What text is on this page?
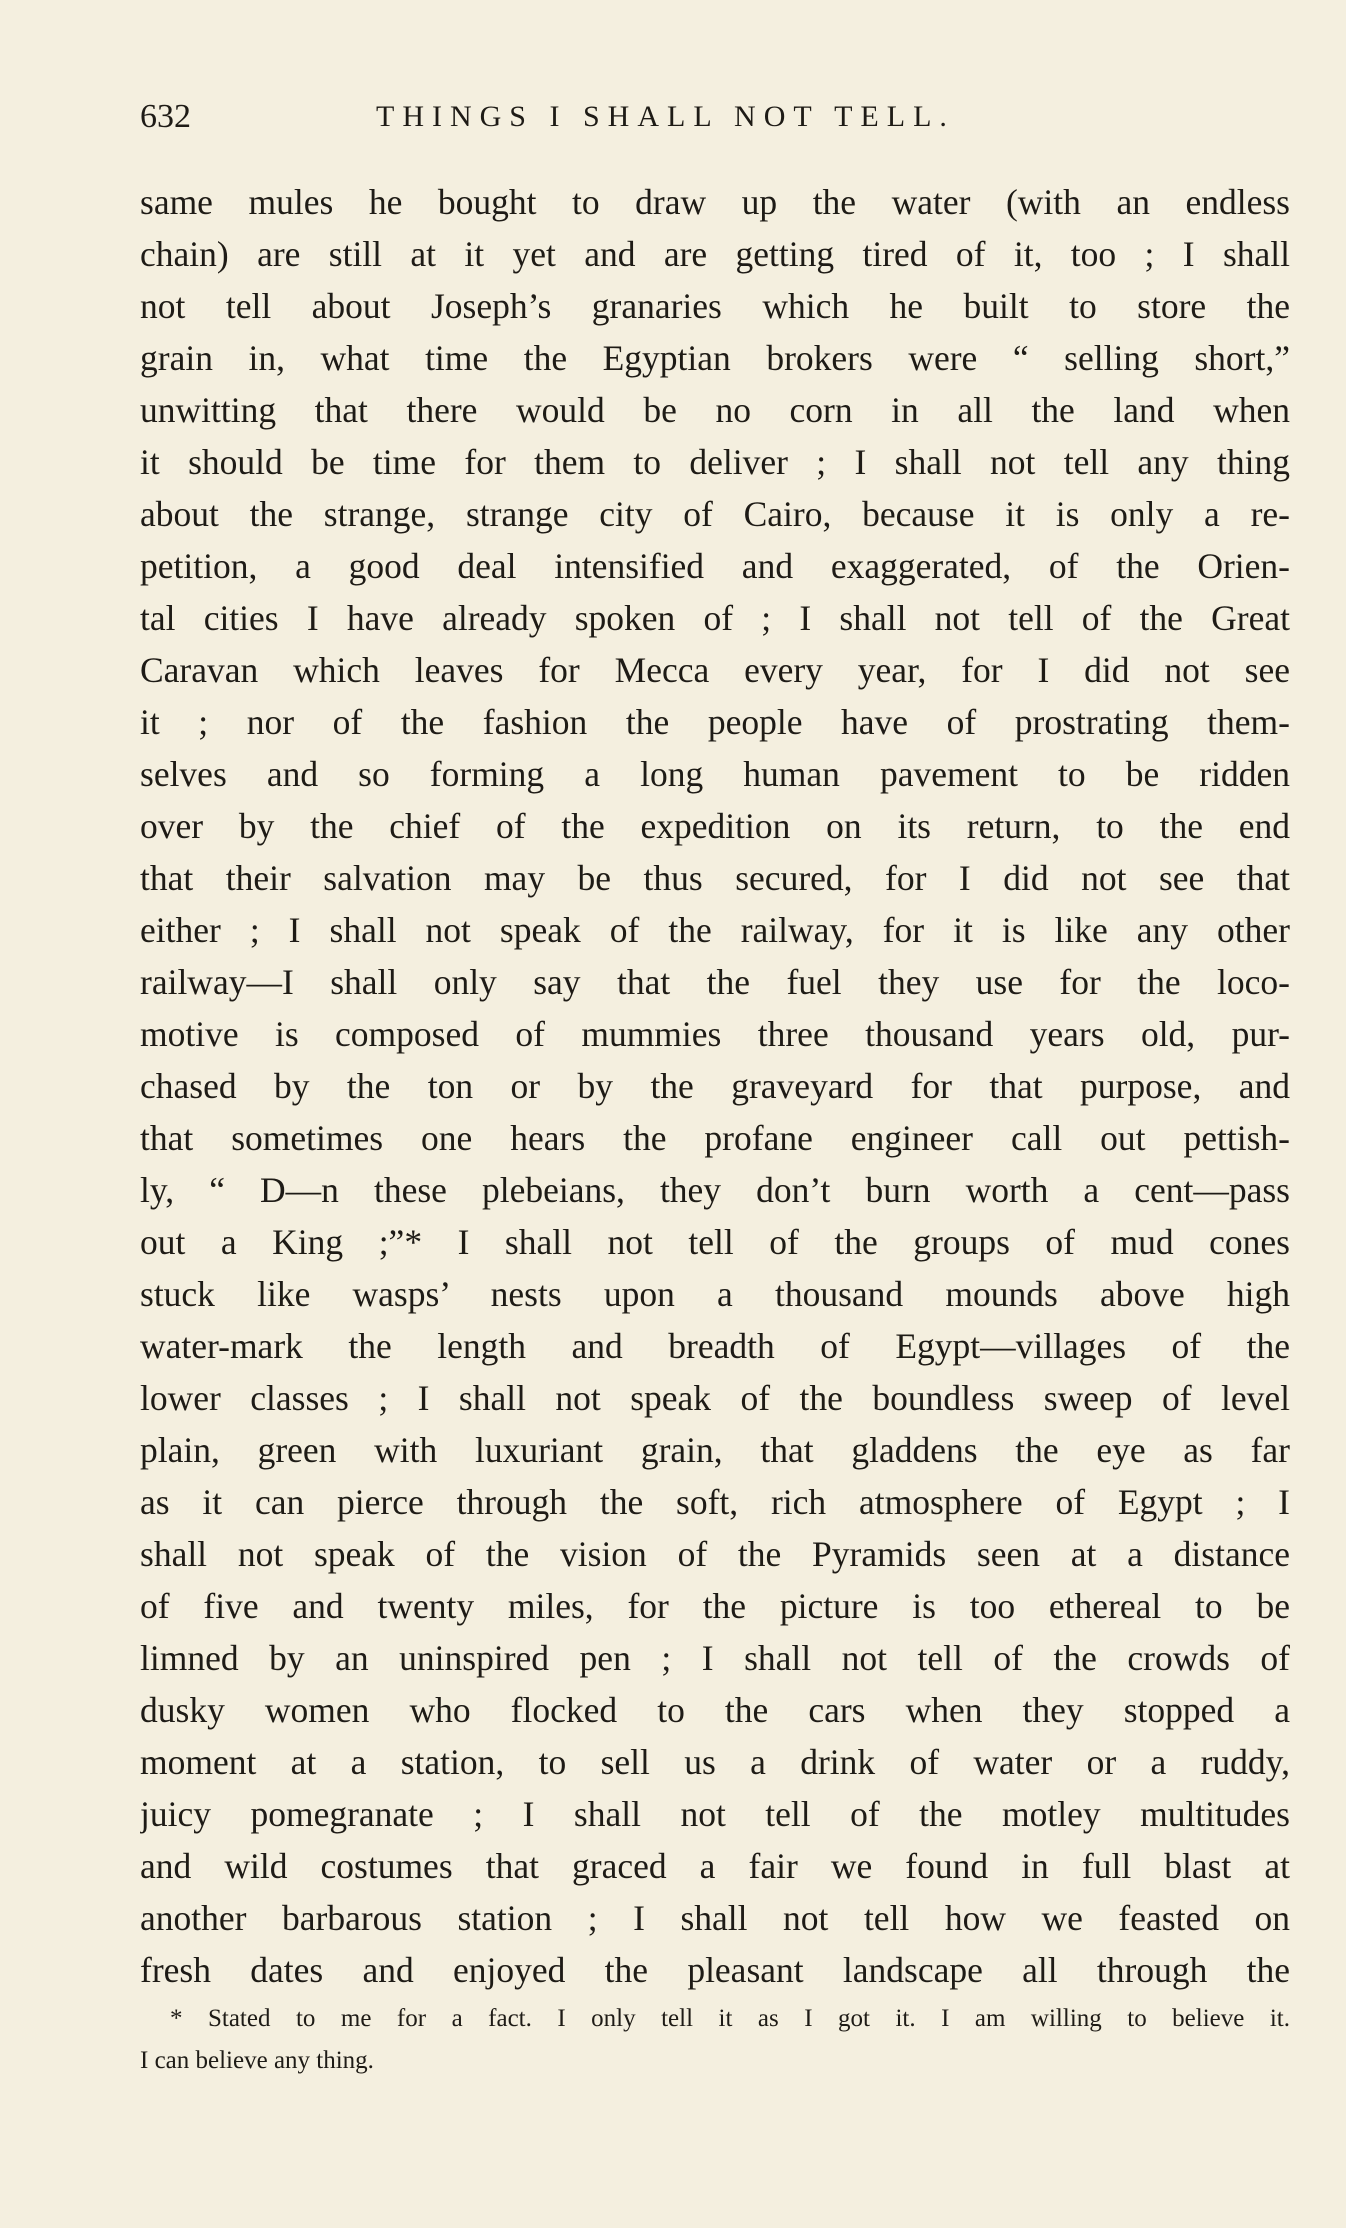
632	THINGS I SHALL NOT TELL.
same mules he bought to draw up the water (with an endless
chain) are still at it yet and are getting tired of it, too ; I shall
not tell about Joseph’s granaries which he built to store the
grain in, what time the Egyptian brokers were “ selling short,”
unwitting that there would be no corn in all the land when
it should be time for them to deliver ; I shall not tell any thing
about the strange, strange city of Cairo, because it is only a re-
petition, a good deal intensified and exaggerated, of the Orien-
tal cities I have already spoken of ; I shall not tell of the Great
Caravan which leaves for Mecca every year, for I did not see
it ; nor of the fashion the people have of prostrating them-
selves and so forming a long human pavement to be ridden
over by the chief of the expedition on its return, to the end
that their salvation may be thus secured, for I did not see that
either ; I shall not speak of the railway, for it is like any other
railway—I shall only say that the fuel they use for the loco-
motive is composed of mummies three thousand years old, pur-
chased by the ton or by the graveyard for that purpose, and
that sometimes one hears the profane engineer call out pettish-
ly, “ D—n these plebeians, they don’t burn worth a cent—pass
out a King ;”* I shall not tell of the groups of mud cones
stuck like wasps’ nests upon a thousand mounds above high
water-mark the length and breadth of Egypt—villages of the
lower classes ; I shall not speak of the boundless sweep of level
plain, green with luxuriant grain, that gladdens the eye as far
as it can pierce through the soft, rich atmosphere of Egypt ; I
shall not speak of the vision of the Pyramids seen at a distance
of five and twenty miles, for the picture is too ethereal to be
limned by an uninspired pen ; I shall not tell of the crowds of
dusky women who flocked to the cars when they stopped a
moment at a station, to sell us a drink of water or a ruddy,
juicy pomegranate ; I shall not tell of the motley multitudes
and wild costumes that graced a fair we found in full blast at
another barbarous station ; I shall not tell how we feasted on
fresh dates and enjoyed the pleasant landscape all through the
* Stated to me for a fact. I only tell it as I got it. I am willing to believe it.
I can believe any thing.
